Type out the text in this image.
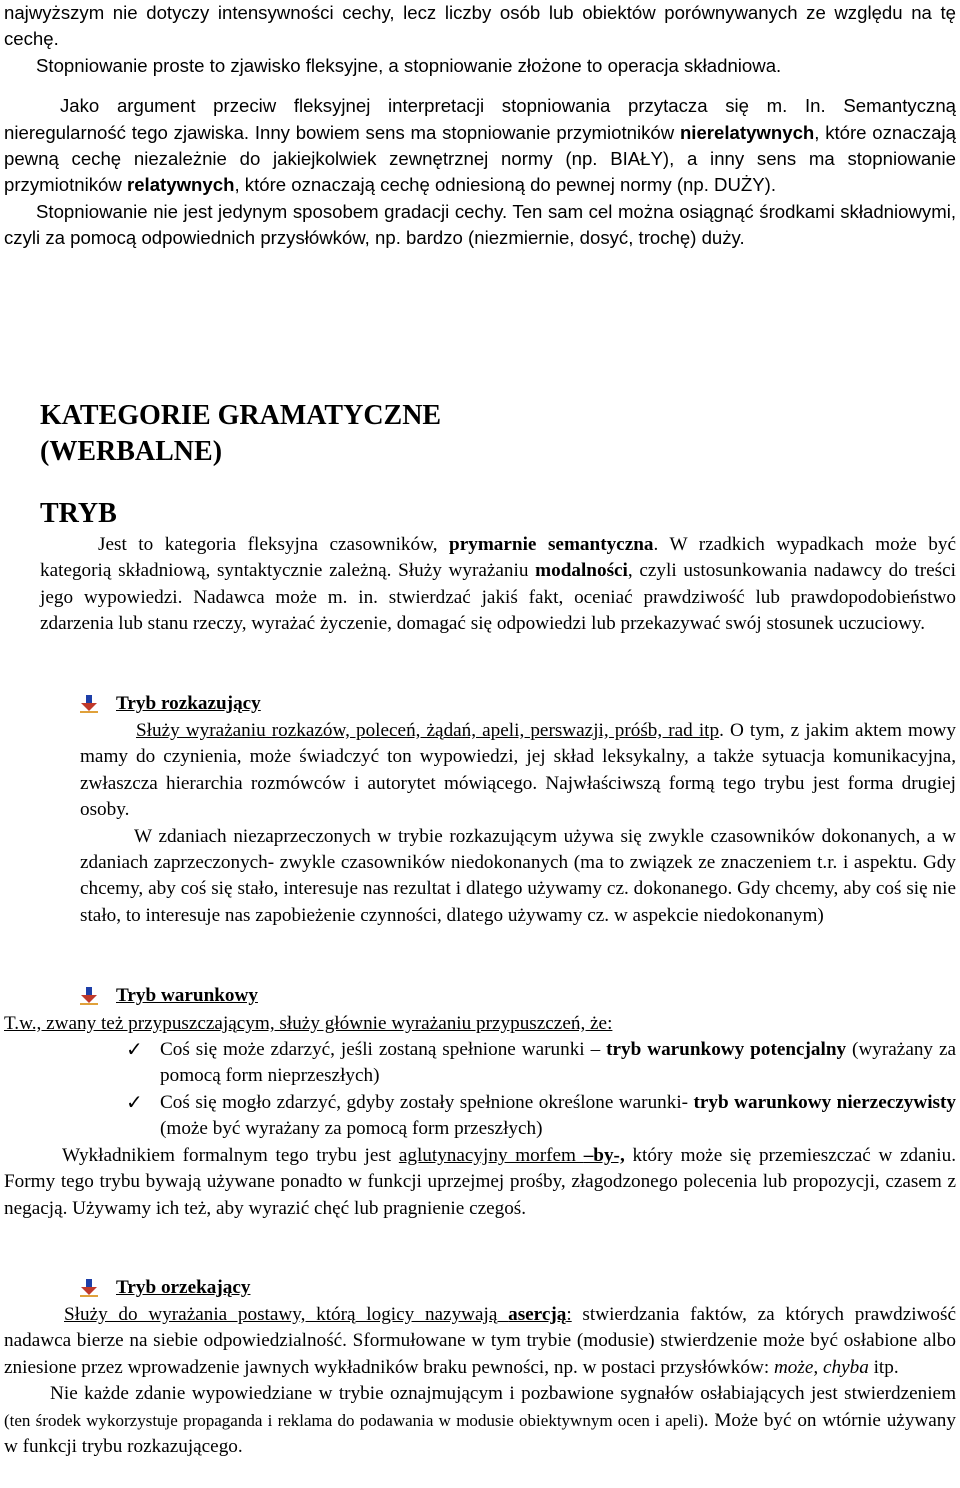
najwyższym nie dotyczy intensywności cechy, lecz liczby osób lub obiektów porównywanych ze względu na tę cechę.

Stopniowanie proste to zjawisko fleksyjne, a stopniowanie złożone to operacja składniowa.

Jako argument przeciw fleksyjnej interpretacji stopniowania przytacza się m. In. Semantyczną nieregularność tego zjawiska. Inny bowiem sens ma stopniowanie przymiotników nierelatywnych, które oznaczają pewną cechę niezależnie do jakiejkolwiek zewnętrznej normy (np. BIAŁY), a inny sens ma stopniowanie przymiotników relatywnych, które oznaczają cechę odniesioną do pewnej normy (np. DUŻY).

Stopniowanie nie jest jedynym sposobem gradacji cechy. Ten sam cel można osiągnąć środkami składniowymi, czyli za pomocą odpowiednich przysłówków, np. bardzo (niezmiernie, dosyć, trochę) duży.

KATEGORIE GRAMATYCZNE
(WERBALNE)
TRYB

Jest to kategoria fleksyjna czasowników, prymarnie semantyczna. W rzadkich wypadkach może być kategorią składniową, syntaktycznie zależną. Służy wyrażaniu modalności, czyli ustosunkowania nadawcy do treści jego wypowiedzi. Nadawca może m. in. stwierdzać jakiś fakt, oceniać prawdziwość lub prawdopodobieństwo zdarzenia lub stanu rzeczy, wyrażać życzenie, domagać się odpowiedzi lub przekazywać swój stosunek uczuciowy.

Tryb rozkazujący

Służy wyrażaniu rozkazów, poleceń, żądań, apeli, perswazji, próśb, rad itp. O tym, z jakim aktem mowy mamy do czynienia, może świadczyć ton wypowiedzi, jej skład leksykalny, a także sytuacja komunikacyjna, zwłaszcza hierarchia rozmówców i autorytet mówiącego. Najwłaściwszą formą tego trybu jest forma drugiej osoby.

W zdaniach niezaprzeczonych w trybie rozkazującym używa się zwykle czasowników dokonanych, a w zdaniach zaprzeczonych- zwykle czasowników niedokonanych (ma to związek ze znaczeniem t.r. i aspektu. Gdy chcemy, aby coś się stało, interesuje nas rezultat i dlatego używamy cz. dokonanego. Gdy chcemy, aby coś się nie stało, to interesuje nas zapobieżenie czynności, dlatego używamy cz. w aspekcie niedokonanym)

Tryb warunkowy
T.w., zwany też przypuszczającym, służy głównie wyrażaniu przypuszczeń, że:
✓ Coś się może zdarzyć, jeśli zostaną spełnione warunki – tryb warunkowy potencjalny (wyrażany za pomocą form nieprzeszłych)

✓ Coś się mogło zdarzyć, gdyby zostały spełnione określone warunki- tryb warunkowy nierzeczywisty (może być wyrażany za pomocą form przeszłych)

Wykładnikiem formalnym tego trybu jest aglutynacyjny morfem –by-, który może się przemieszczać w zdaniu. Formy tego trybu bywają używane ponadto w funkcji uprzejmej prośby, złagodzonego polecenia lub propozycji, czasem z negacją. Używamy ich też, aby wyrazić chęć lub pragnienie czegoś.

Tryb orzekający

Służy do wyrażania postawy, którą logicy nazywają asercją: stwierdzania faktów, za których prawdziwość nadawca bierze na siebie odpowiedzialność. Sformułowane w tym trybie (modusie) stwierdzenie może być osłabione albo zniesione przez wprowadzenie jawnych wykładników braku pewności, np. w postaci przysłówków: może, chyba itp.

Nie każde zdanie wypowiedziane w trybie oznajmującym i pozbawione sygnałów osłabiających jest stwierdzeniem (ten środek wykorzystuje propaganda i reklama do podawania w modusie obiektywnym ocen i apeli). Może być on wtórnie używany w funkcji trybu rozkazującego.
